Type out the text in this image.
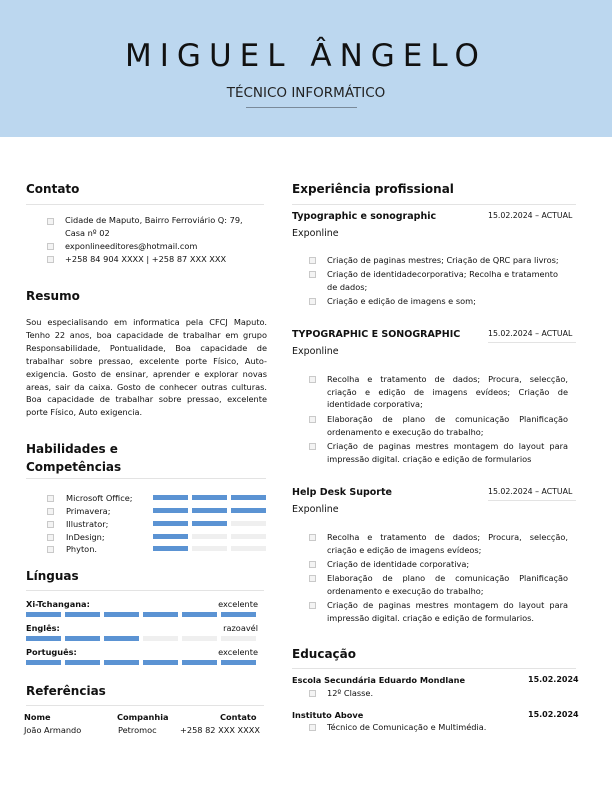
MIGUEL ÂNGELO
TÉCNICO INFORMÁTICO
Contato
Cidade de Maputo, Bairro Ferroviário Q: 79,
Casa nº 02
exponlineeditores@hotmail.com
+258 84 904 XXXX | +258 87 XXX XXX
Resumo
Sou especialisando em informatica pela CFCJ Maputo. Tenho 22 anos, boa capacidade de trabalhar em grupo Responsabilidade, Pontualidade, Boa capacidade de trabalhar sobre pressao, excelente porte Físico, Auto-exigencia. Gosto de ensinar, aprender e explorar novas areas, sair da caixa. Gosto de conhecer outras culturas. Boa capacidade de trabalhar sobre pressao, excelente porte Físico, Auto exigencia.
Habilidades e
Competências
Microsoft Office;
Primavera;
Illustrator;
InDesign;
Phyton.
Línguas
Xi-Tchangana:	excelente
Englês:	razoavél
Português:	excelente
Referências
Nome	Companhia	Contato
João Armando	Petromoc	+258 82 XXX XXXX
Experiência profissional
Typographic e sonographic	15.02.2024 – ACTUAL
Exponline
Criação de paginas mestres; Criação de QRC para livros;
Criação de identidadecorporativa; Recolha e tratamento de dados;
Criação e edição de imagens e som;
TYPOGRAPHIC E SONOGRAPHIC	15.02.2024 – ACTUAL
Exponline
Recolha e tratamento de dados; Procura, selecção, criação e edição de imagens evídeos; Criação de identidade corporativa;
Elaboração de plano de comunicação Planificação ordenamento e execução do trabalho;
Criação de paginas mestres montagem do layout para impressão digital. criação e edição de formularios
Help Desk Suporte	15.02.2024 – ACTUAL
Exponline
Recolha e tratamento de dados; Procura, selecção, criação e edição de imagens evídeos;
Criação de identidade corporativa;
Elaboração de plano de comunicação Planificação ordenamento e execução do trabalho;
Criação de paginas mestres montagem do layout para impressão digital. criação e edição de formularios.
Educação
Escola Secundária Eduardo Mondlane	15.02.2024
12º Classe.
Instituto Above	15.02.2024
Técnico de Comunicação e Multimédia.
